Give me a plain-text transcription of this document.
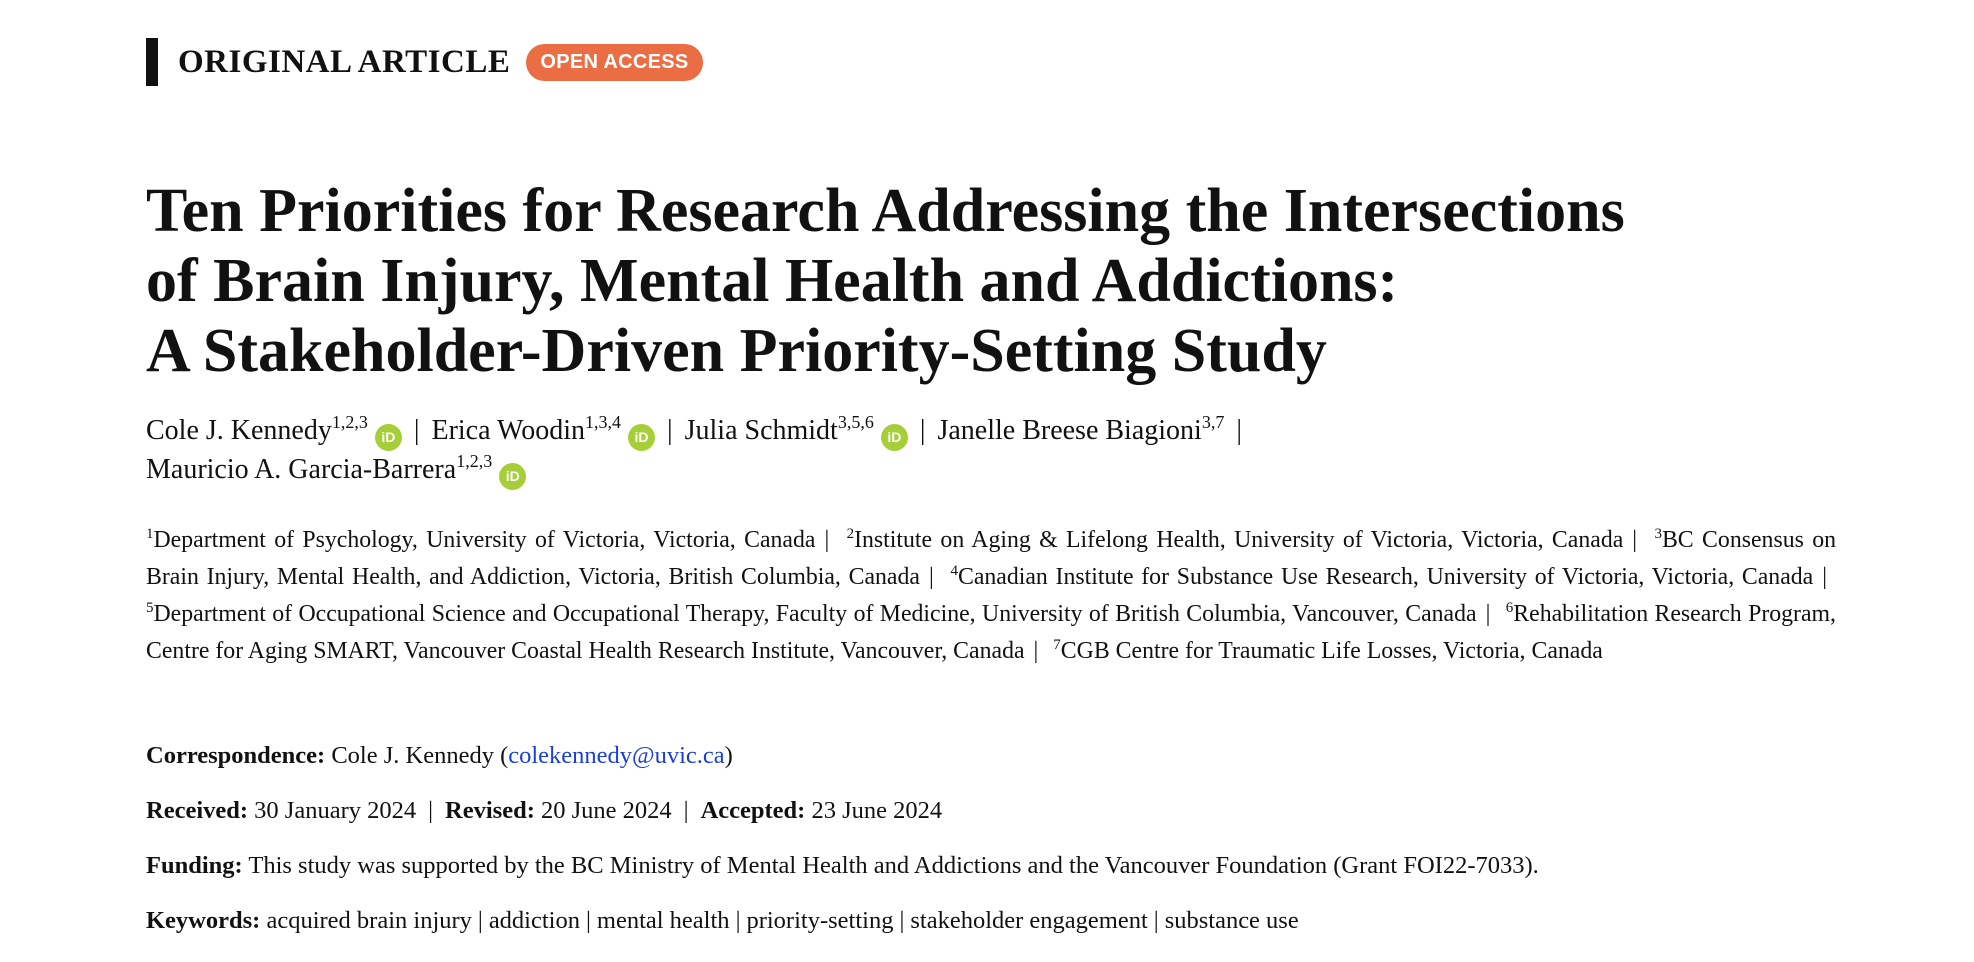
ORIGINAL ARTICLE	OPEN ACCESS
Ten Priorities for Research Addressing the Intersections
of Brain Injury, Mental Health and Addictions:
A Stakeholder-Driven Priority-Setting Study
Cole J. Kennedy$^{1,2,3}$iD | Erica Woodin$^{1,3,4}$iD | Julia Schmidt$^{3,5,6}$iD | Janelle Breese Biagioni$^{3,7}$ |
Mauricio A. Garcia-Barrera$^{1,2,3}$iD
$^1$Department of Psychology, University of Victoria, Victoria, Canada | $^2$Institute on Aging & Lifelong Health, University of Victoria, Victoria, Canada | $^3$BC Consensus on Brain Injury, Mental Health, and Addiction, Victoria, British Columbia, Canada | $^4$Canadian Institute for Substance Use Research, University of Victoria, Victoria, Canada | $^5$Department of Occupational Science and Occupational Therapy, Faculty of Medicine, University of British Columbia, Vancouver, Canada | $^6$Rehabilitation Research Program, Centre for Aging SMART, Vancouver Coastal Health Research Institute, Vancouver, Canada | $^7$CGB Centre for Traumatic Life Losses, Victoria, Canada
Correspondence: Cole J. Kennedy (colekennedy@uvic.ca)
Received: 30 January 2024 | Revised: 20 June 2024 | Accepted: 23 June 2024
Funding: This study was supported by the BC Ministry of Mental Health and Addictions and the Vancouver Foundation (Grant FOI22-7033).
Keywords: acquired brain injury | addiction | mental health | priority-setting | stakeholder engagement | substance use
